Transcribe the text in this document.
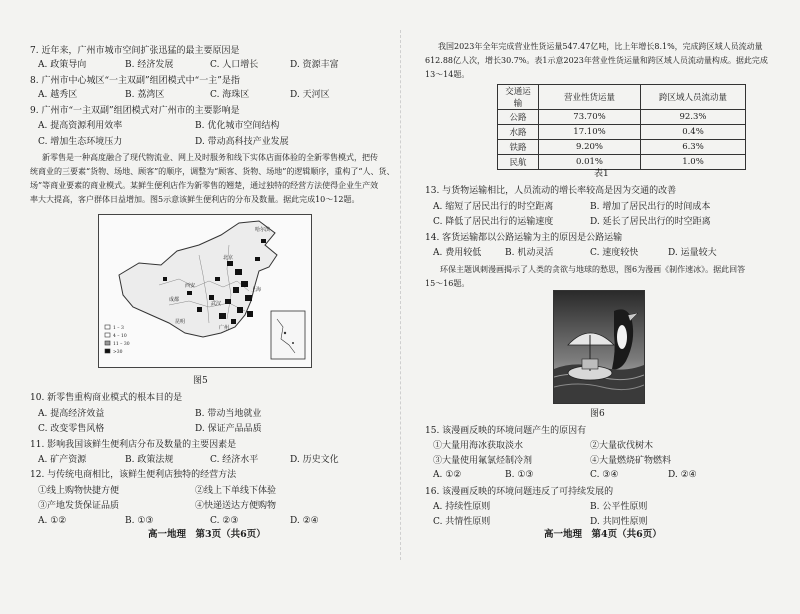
7. 近年来，广州市城市空间扩张迅猛的最主要原因是
A. 政策导向	B. 经济发展	C. 人口增长	D. 资源丰富
8. 广州市中心城区“一主双副”组团模式中“一主”是指
A. 越秀区	B. 荔湾区	C. 海珠区	D. 天河区
9. 广州市“一主双副”组团模式对广州市的主要影响是
A. 提高资源利用效率	B. 优化城市空间结构
C. 增加生态环境压力	D. 带动高科技产业发展
新零售是一种高度融合了现代物流业、网上及时服务和线下实体店面体验的全新零售模式，把传
统商业的三要素“货物、场地、顾客”的顺序，调整为“顾客、货物、场地”的逻辑顺序，重构了“人、货、
场”等商业要素的商业模式。某鲜生便利店作为新零售的翘楚，通过独特的经营方法使得企业生产效
率大大提高，客户群体日益增加。图5示意该鲜生便利店的分布及数量。据此完成10～12题。
1 – 3
4 – 10
11 – 30
>30
北京
上海
广州
西安
成都
武汉
哈尔滨
昆明
图5
10. 新零售重构商业模式的根本目的是
A. 提高经济效益	B. 带动当地就业
C. 改变零售风格	D. 保证产品品质
11. 影响我国该鲜生便利店分布及数量的主要因素是
A. 矿产资源	B. 政策法规	C. 经济水平	D. 历史文化
12. 与传统电商相比，该鲜生便利店独特的经营方法
①线上购物快捷方便	②线上下单线下体验
③产地发货保证品质	④快递送达方便购物
A. ①②	B. ①③	C. ②③	D. ②④
高一地理　第3页（共6页）
我国2023年全年完成营业性货运量547.47亿吨，比上年增长8.1%，完成跨区域人员流动量
612.88亿人次，增长30.7%。表1示意2023年营业性货运量和跨区域人员流动量构成。据此完成
13～14题。
交通运输	营业性货运量	跨区域人员流动量
公路	73.70%	92.3%
水路	17.10%	0.4%
铁路	9.20%	6.3%
民航	0.01%	1.0%
表1
13. 与货物运输相比，人员流动的增长率较高是因为交通的改善
A. 缩短了居民出行的时空距离	B. 增加了居民出行的时间成本
C. 降低了居民出行的运输速度	D. 延长了居民出行的时空距离
14. 客货运输都以公路运输为主的原因是公路运输
A. 费用较低	B. 机动灵活	C. 速度较快	D. 运量较大
环保主题讽刺漫画揭示了人类的贪欲与地球的愁思，图6为漫画《制作速冰》。据此回答
15～16题。
图6
15. 该漫画反映的环境问题产生的原因有
①大量用海冰获取淡水	②大量砍伐树木
③大量使用氟氯烃制冷剂	④大量燃烧矿物燃料
A. ①②	B. ①③	C. ③④	D. ②④
16. 该漫画反映的环境问题违反了可持续发展的
A. 持续性原则	B. 公平性原则
C. 共情性原则	D. 共同性原则
高一地理　第4页（共6页）
